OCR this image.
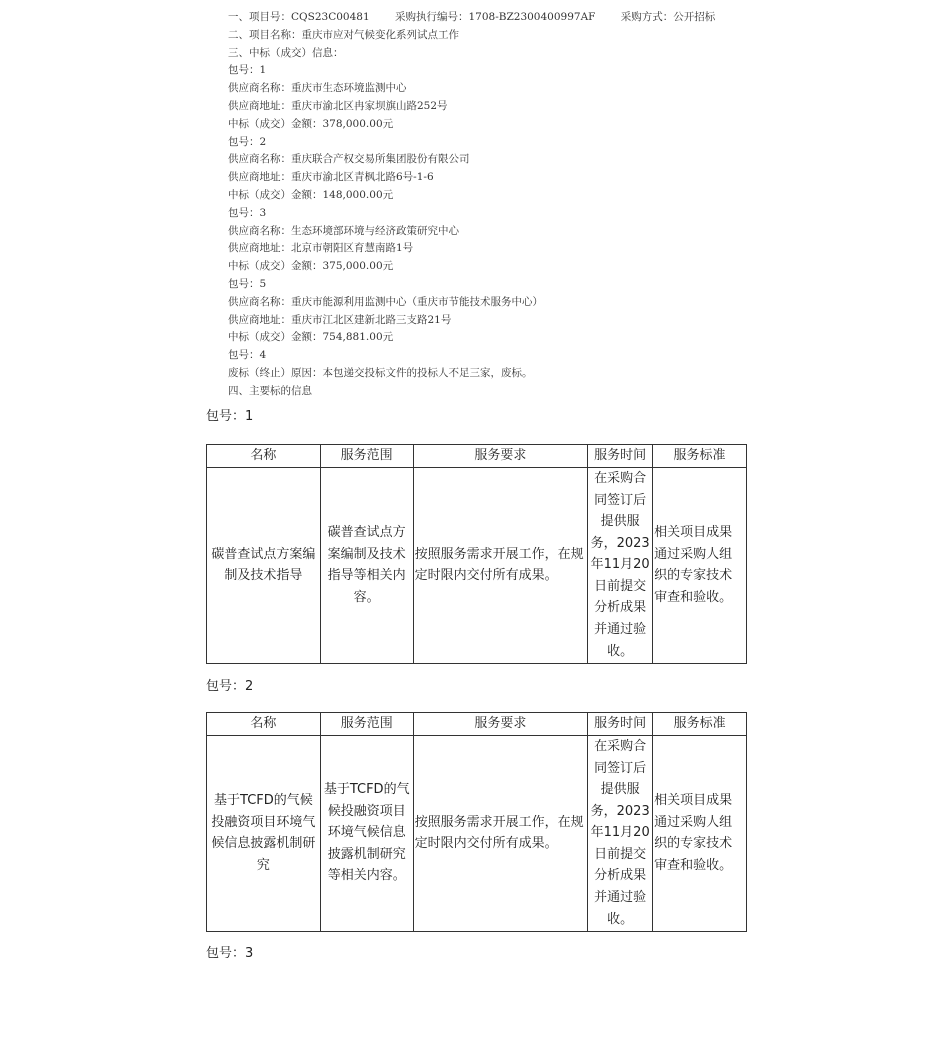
一、项目号：CQS23C00481 采购执行编号：1708-BZ2300400997AF 采购方式：公开招标
二、项目名称：重庆市应对气候变化系列试点工作
三、中标（成交）信息：
包号：1
供应商名称：重庆市生态环境监测中心
供应商地址：重庆市渝北区冉家坝旗山路252号
中标（成交）金额：378,000.00元
包号：2
供应商名称：重庆联合产权交易所集团股份有限公司
供应商地址：重庆市渝北区青枫北路6号-1-6
中标（成交）金额：148,000.00元
包号：3
供应商名称：生态环境部环境与经济政策研究中心
供应商地址：北京市朝阳区育慧南路1号
中标（成交）金额：375,000.00元
包号：5
供应商名称：重庆市能源利用监测中心（重庆市节能技术服务中心）
供应商地址：重庆市江北区建新北路三支路21号
中标（成交）金额：754,881.00元
包号：4
废标（终止）原因：本包递交投标文件的投标人不足三家，废标。
四、主要标的信息
包号：1
名称	服务范围	服务要求	服务时间	服务标准
碳普查试点方案编制及技术指导	碳普查试点方案编制及技术指导等相关内容。	按照服务需求开展工作，在规定时限内交付所有成果。	在采购合同签订后提供服务，2023年11月20日前提交分析成果并通过验收。	相关项目成果通过采购人组织的专家技术审查和验收。
包号：2
名称	服务范围	服务要求	服务时间	服务标准
基于TCFD的气候投融资项目环境气候信息披露机制研究	基于TCFD的气候投融资项目环境气候信息披露机制研究等相关内容。	按照服务需求开展工作，在规定时限内交付所有成果。	在采购合同签订后提供服务，2023年11月20日前提交分析成果并通过验收。	相关项目成果通过采购人组织的专家技术审查和验收。
包号：3
